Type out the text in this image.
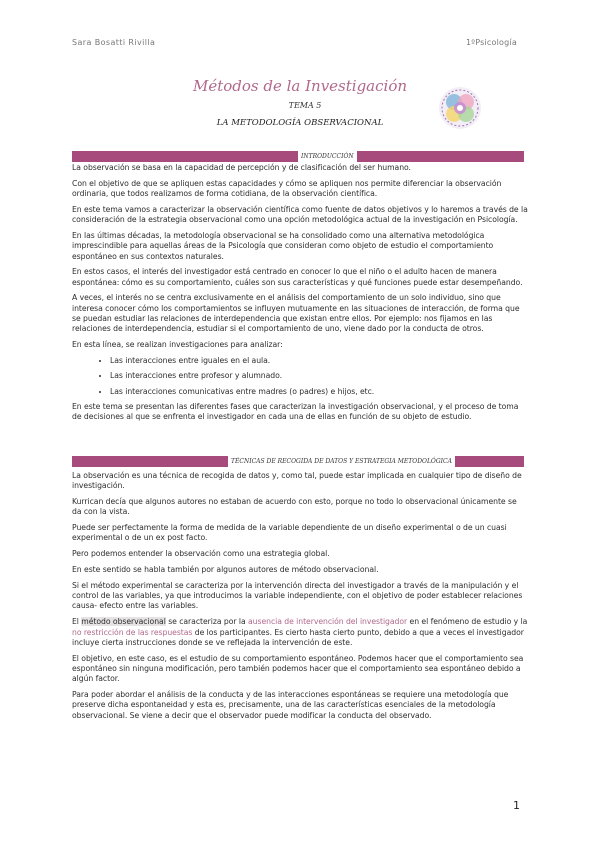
Sara Bosatti Rivilla	1ºPsicología
Métodos de la Investigación
TEMA 5
LA METODOLOGÍA OBSERVACIONAL
INTRODUCCIÓN

La observación se basa en la capacidad de percepción y de clasificación del ser humano.

Con el objetivo de que se apliquen estas capacidades y cómo se apliquen nos permite diferenciar la observación ordinaria, que todos realizamos de forma cotidiana, de la observación científica.

En este tema vamos a caracterizar la observación científica como fuente de datos objetivos y lo haremos a través de la consideración de la estrategia observacional como una opción metodológica actual de la investigación en Psicología.

En las últimas décadas, la metodología observacional se ha consolidado como una alternativa metodológica imprescindible para aquellas áreas de la Psicología que consideran como objeto de estudio el comportamiento espontáneo en sus contextos naturales.

En estos casos, el interés del investigador está centrado en conocer lo que el niño o el adulto hacen de manera espontánea: cómo es su comportamiento, cuáles son sus características y qué funciones puede estar desempeñando.

A veces, el interés no se centra exclusivamente en el análisis del comportamiento de un solo individuo, sino que interesa conocer cómo los comportamientos se influyen mutuamente en las situaciones de interacción, de forma que se puedan estudiar las relaciones de interdependencia que existan entre ellos. Por ejemplo: nos fijamos en las relaciones de interdependencia, estudiar si el comportamiento de uno, viene dado por la conducta de otros.

En esta línea, se realizan investigaciones para analizar:

• Las interacciones entre iguales en el aula.
• Las interacciones entre profesor y alumnado.
• Las interacciones comunicativas entre madres (o padres) e hijos, etc.

En este tema se presentan las diferentes fases que caracterizan la investigación observacional, y el proceso de toma de decisiones al que se enfrenta el investigador en cada una de ellas en función de su objeto de estudio.

TÉCNICAS DE RECOGIDA DE DATOS Y ESTRATEGIA METODOLÓGICA

La observación es una técnica de recogida de datos y, como tal, puede estar implicada en cualquier tipo de diseño de investigación.

Kurrican decía que algunos autores no estaban de acuerdo con esto, porque no todo lo observacional únicamente se da con la vista.

Puede ser perfectamente la forma de medida de la variable dependiente de un diseño experimental o de un cuasi experimental o de un ex post facto.

Pero podemos entender la observación como una estrategia global.

En este sentido se habla también por algunos autores de método observacional.

Si el método experimental se caracteriza por la intervención directa del investigador a través de la manipulación y el control de las variables, ya que introducimos la variable independiente, con el objetivo de poder establecer relaciones causa- efecto entre las variables.

El método observacional se caracteriza por la ausencia de intervención del investigador en el fenómeno de estudio y la no restricción de las respuestas de los participantes. Es cierto hasta cierto punto, debido a que a veces el investigador incluye cierta instrucciones donde se ve reflejada la intervención de este.

El objetivo, en este caso, es el estudio de su comportamiento espontáneo. Podemos hacer que el comportamiento sea espontáneo sin ninguna modificación, pero también podemos hacer que el comportamiento sea espontáneo debido a algún factor.

Para poder abordar el análisis de la conducta y de las interacciones espontáneas se requiere una metodología que preserve dicha espontaneidad y esta es, precisamente, una de las características esenciales de la metodología observacional. Se viene a decir que el observador puede modificar la conducta del observado.

1
